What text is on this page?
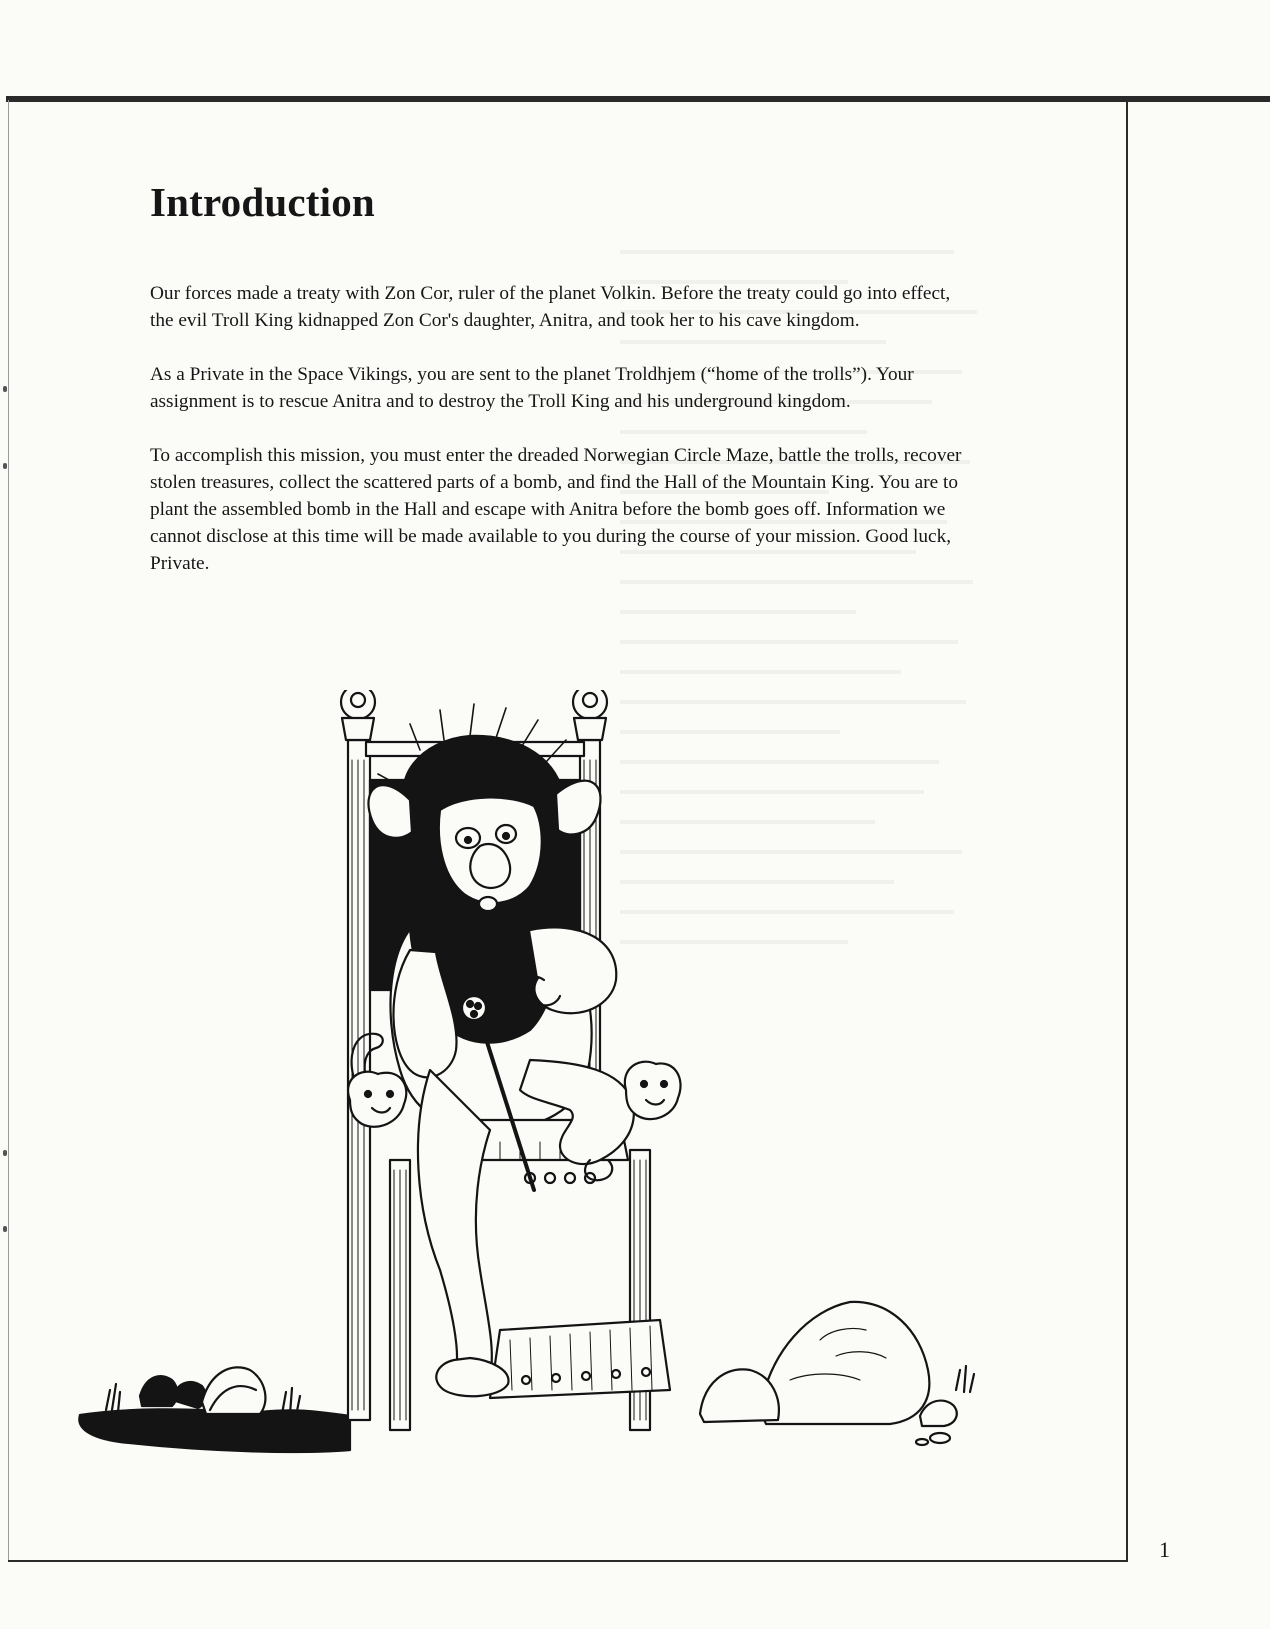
Introduction

Our forces made a treaty with Zon Cor, ruler of the planet Volkin. Before the treaty could go into effect, the evil Troll King kidnapped Zon Cor's daughter, Anitra, and took her to his cave kingdom.

As a Private in the Space Vikings, you are sent to the planet Troldhjem (“home of the trolls”). Your assignment is to rescue Anitra and to destroy the Troll King and his underground kingdom.

To accomplish this mission, you must enter the dreaded Norwegian Circle Maze, battle the trolls, recover stolen treasures, collect the scattered parts of a bomb, and find the Hall of the Mountain King. You are to plant the assembled bomb in the Hall and escape with Anitra before the bomb goes off. Information we cannot disclose at this time will be made available to you during the course of your mission. Good luck, Private.

1
